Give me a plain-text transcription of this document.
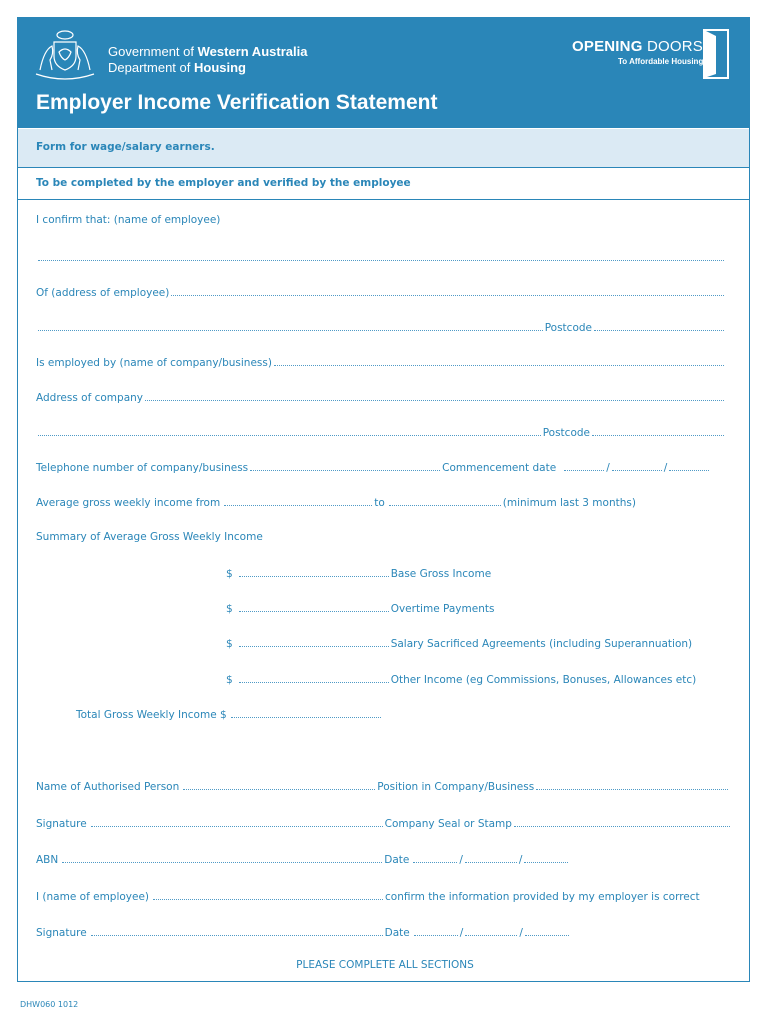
Government of Western Australia
Department of Housing
OPENING DOORS
To Affordable Housing
Employer Income Verification Statement
Form for wage/salary earners.
To be completed by the employer and verified by the employee
I confirm that: (name of employee)
Of (address of employee)
Postcode
Is employed by (name of company/business)
Address of company
Postcode
Telephone number of company/business	Commencement date	/	/
Average gross weekly income from	to	(minimum last 3 months)
Summary of Average Gross Weekly Income
$	Base Gross Income
$	Overtime Payments
$	Salary Sacrificed Agreements (including Superannuation)
$	Other Income (eg Commissions, Bonuses, Allowances etc)
Total Gross Weekly Income $
Name of Authorised Person	Position in Company/Business
Signature	Company Seal or Stamp
ABN	Date	/	/
I (name of employee)	confirm the information provided by my employer is correct
Signature	Date	/	/
PLEASE COMPLETE ALL SECTIONS
DHW060 1012
